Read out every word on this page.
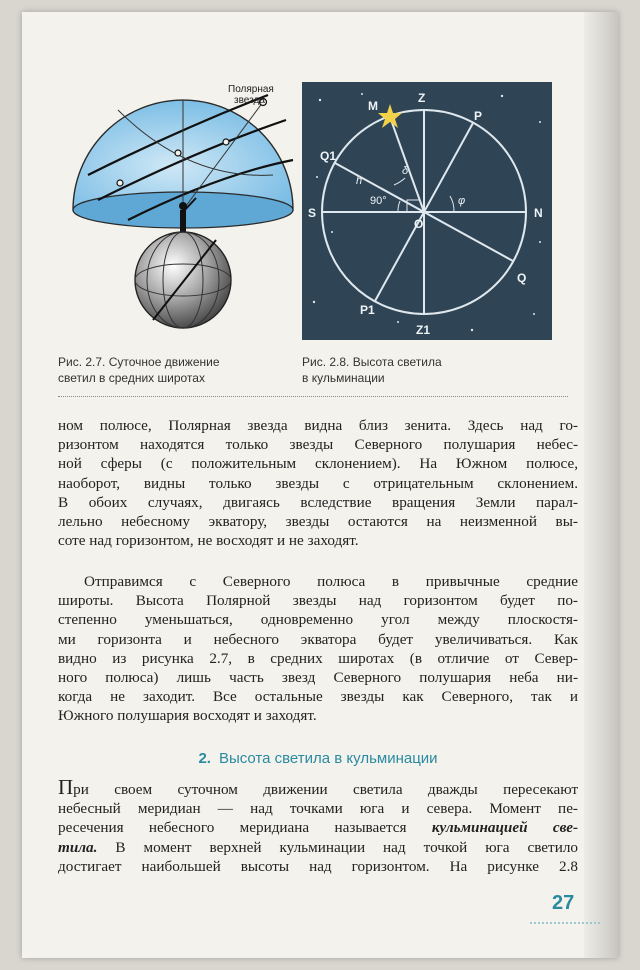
Полярная
звезда
Рис. 2.7. Суточное движение
светил в средних широтах
M
Z
P
Q1
S	N
O
Q
P1
Z1
90°
h
δ
φ
Рис. 2.8. Высота светила
в кульминации

ном полюсе, Полярная звезда видна близ зенита. Здесь над го-

ризонтом находятся только звезды Северного полушария небес-

ной сферы (с положительным склонением). На Южном полюсе,

наоборот, видны только звезды с отрицательным склонением.

В обоих случаях, двигаясь вследствие вращения Земли парал-

лельно небесному экватору, звезды остаются на неизменной вы-

соте над горизонтом, не восходят и не заходят.

Отправимся с Северного полюса в привычные средние

широты. Высота Полярной звезды над горизонтом будет по-

степенно уменьшаться, одновременно угол между плоскостя-

ми горизонта и небесного экватора будет увеличиваться. Как

видно из рисунка 2.7, в средних широтах (в отличие от Север-

ного полюса) лишь часть звезд Северного полушария неба ни-

когда не заходит. Все остальные звезды как Северного, так и

Южного полушария восходят и заходят.

2. Высота светила в кульминации

При своем суточном движении светила дважды пересекают

небесный меридиан — над точками юга и севера. Момент пе-

ресечения небесного меридиана называется кульминацией све-

тила. В момент верхней кульминации над точкой юга светило

достигает наибольшей высоты над горизонтом. На рисунке 2.8

27
